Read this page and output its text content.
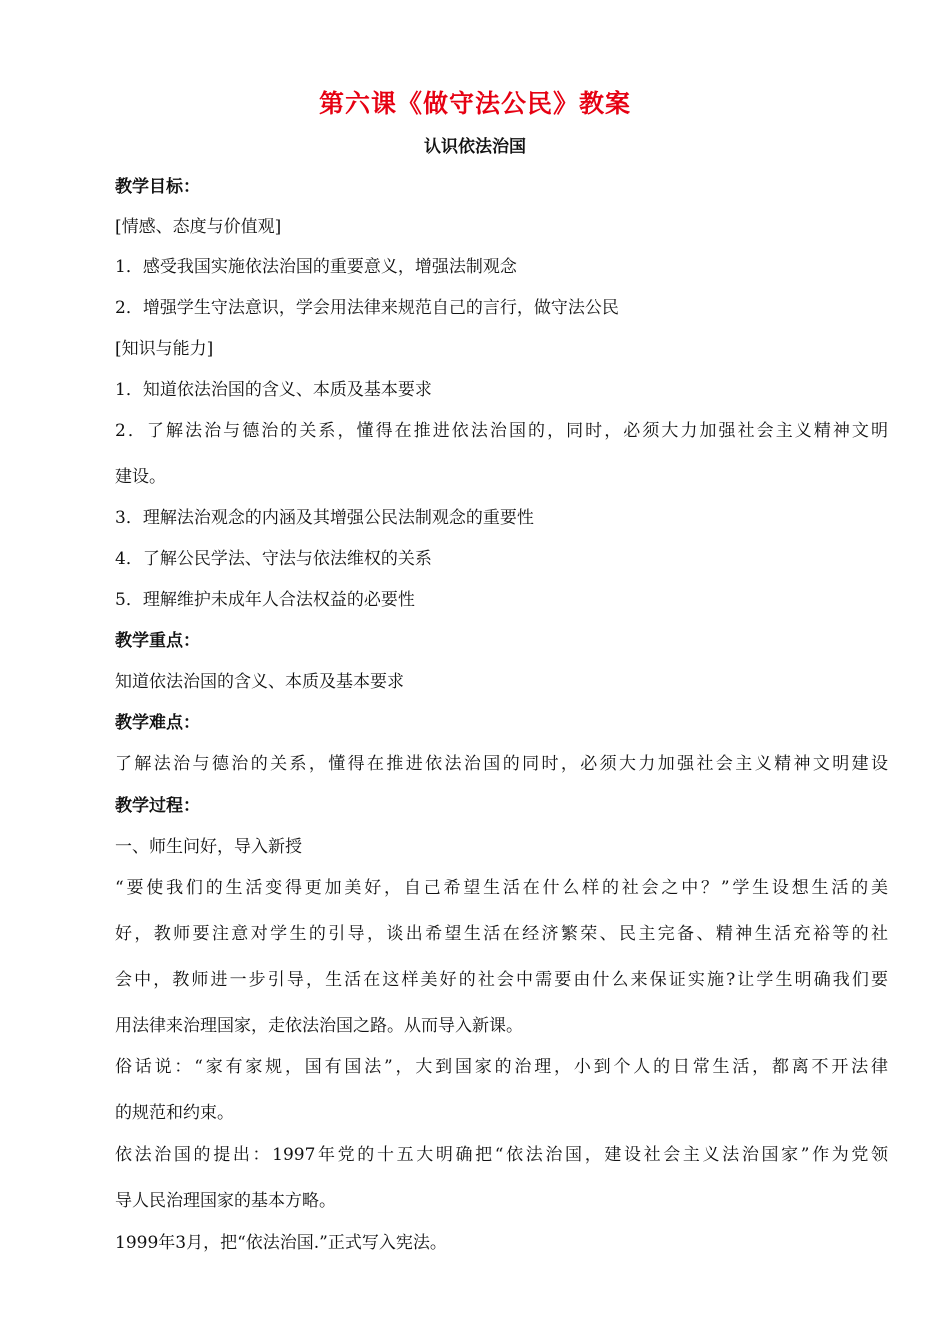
第六课《做守法公民》教案
认识依法治国
教学目标：
[情感、态度与价值观]
1．感受我国实施依法治国的重要意义，增强法制观念
2．增强学生守法意识，学会用法律来规范自己的言行，做守法公民
[知识与能力]
1．知道依法治国的含义、本质及基本要求
2．了解法治与德治的关系，懂得在推进依法治国的，同时，必须大力加强社会主义精神文明
建设。
3．理解法治观念的内涵及其增强公民法制观念的重要性
4．了解公民学法、守法与依法维权的关系
5．理解维护未成年人合法权益的必要性
教学重点：
知道依法治国的含义、本质及基本要求
教学难点：
了解法治与德治的关系，懂得在推进依法治国的同时，必须大力加强社会主义精神文明建设
教学过程：
一、师生问好，导入新授
“要使我们的生活变得更加美好，自己希望生活在什么样的社会之中？”学生设想生活的美
好，教师要注意对学生的引导，谈出希望生活在经济繁荣、民主完备、精神生活充裕等的社
会中，教师进一步引导，生活在这样美好的社会中需要由什么来保证实施?让学生明确我们要
用法律来治理国家，走依法治国之路。从而导入新课。
俗话说：“家有家规，国有国法”，大到国家的治理，小到个人的日常生活，都离不开法律
的规范和约束。
依法治国的提出：1997年党的十五大明确把“依法治国，建设社会主义法治国家”作为党领
导人民治理国家的基本方略。
1999年3月，把“依法治国.”正式写入宪法。
